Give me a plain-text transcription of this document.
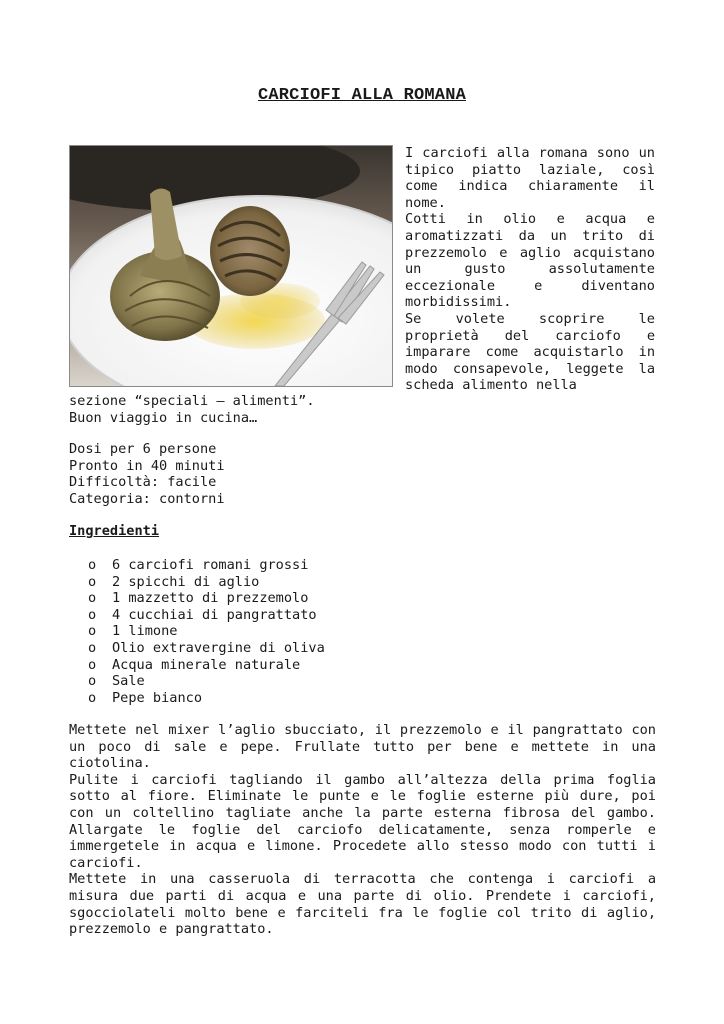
CARCIOFI ALLA ROMANA

I carciofi alla romana sono un tipico piatto laziale, così come indica chiaramente il nome.

Cotti in olio e acqua e aromatizzati da un trito di prezzemolo e aglio acquistano un gusto assolutamente eccezionale e diventano morbidissimi.

Se volete scoprire le proprietà del carciofo e imparare come acquistarlo in modo consapevole, leggete la scheda alimento nella

sezione “speciali – alimenti”.

Buon viaggio in cucina…

Dosi per 6 persone
Pronto in 40 minuti
Difficoltà: facile
Categoria: contorni
Ingredienti
o	6 carciofi romani grossi
o	2 spicchi di aglio
o	1 mazzetto di prezzemolo
o	4 cucchiai di pangrattato
o	1 limone
o	Olio extravergine di oliva
o	Acqua minerale naturale
o	Sale
o	Pepe bianco

Mettete nel mixer l’aglio sbucciato, il prezzemolo e il pangrattato con un poco di sale e pepe. Frullate tutto per bene e mettete in una ciotolina.

Pulite i carciofi tagliando il gambo all’altezza della prima foglia sotto al fiore. Eliminate le punte e le foglie esterne più dure, poi con un coltellino tagliate anche la parte esterna fibrosa del gambo. Allargate le foglie del carciofo delicatamente, senza romperle e immergetele in acqua e limone. Procedete allo stesso modo con tutti i carciofi.

Mettete in una casseruola di terracotta che contenga i carciofi a misura due parti di acqua e una parte di olio. Prendete i carciofi, sgocciolateli molto bene e farciteli fra le foglie col trito di aglio, prezzemolo e pangrattato.
